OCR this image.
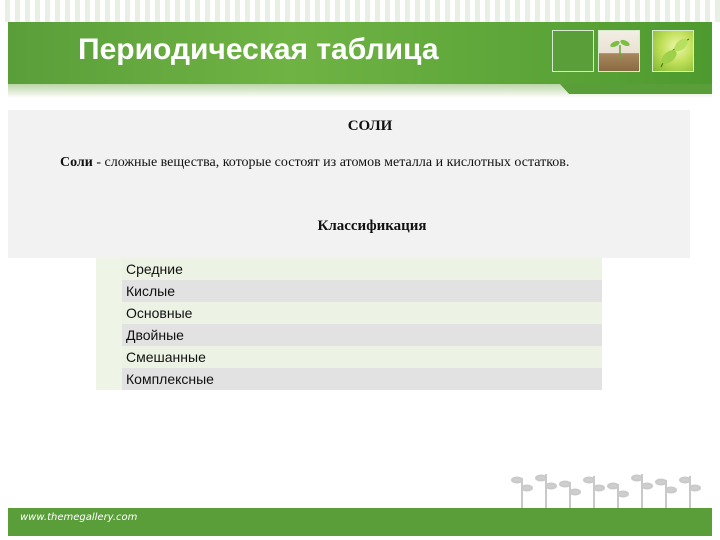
Периодическая таблица
СОЛИ
Соли - сложные вещества, которые состоят из атомов металла и кислотных остатков.
Классификация
Средние
Кислые
Основные
Двойные
Смешанные
Комплексные
www.themegallery.com
